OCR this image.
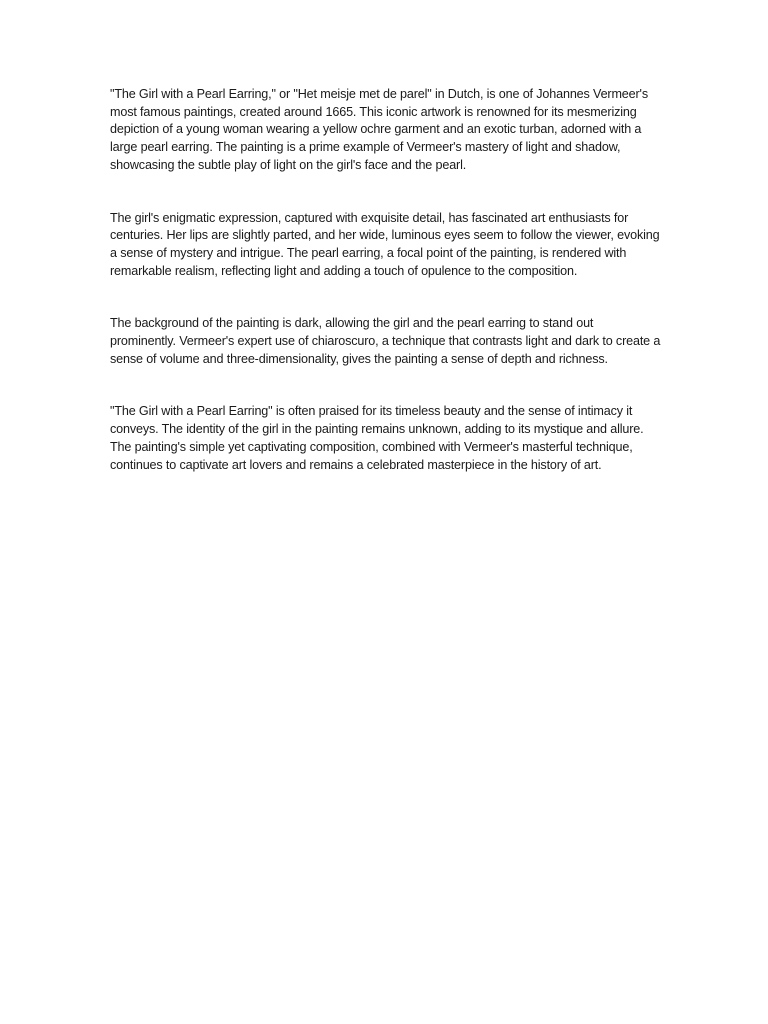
"The Girl with a Pearl Earring," or "Het meisje met de parel" in Dutch, is one of Johannes Vermeer's most famous paintings, created around 1665. This iconic artwork is renowned for its mesmerizing depiction of a young woman wearing a yellow ochre garment and an exotic turban, adorned with a large pearl earring. The painting is a prime example of Vermeer's mastery of light and shadow, showcasing the subtle play of light on the girl's face and the pearl.

The girl's enigmatic expression, captured with exquisite detail, has fascinated art enthusiasts for centuries. Her lips are slightly parted, and her wide, luminous eyes seem to follow the viewer, evoking a sense of mystery and intrigue. The pearl earring, a focal point of the painting, is rendered with remarkable realism, reflecting light and adding a touch of opulence to the composition.

The background of the painting is dark, allowing the girl and the pearl earring to stand out prominently. Vermeer's expert use of chiaroscuro, a technique that contrasts light and dark to create a sense of volume and three-dimensionality, gives the painting a sense of depth and richness.

"The Girl with a Pearl Earring" is often praised for its timeless beauty and the sense of intimacy it conveys. The identity of the girl in the painting remains unknown, adding to its mystique and allure. The painting's simple yet captivating composition, combined with Vermeer's masterful technique, continues to captivate art lovers and remains a celebrated masterpiece in the history of art.
